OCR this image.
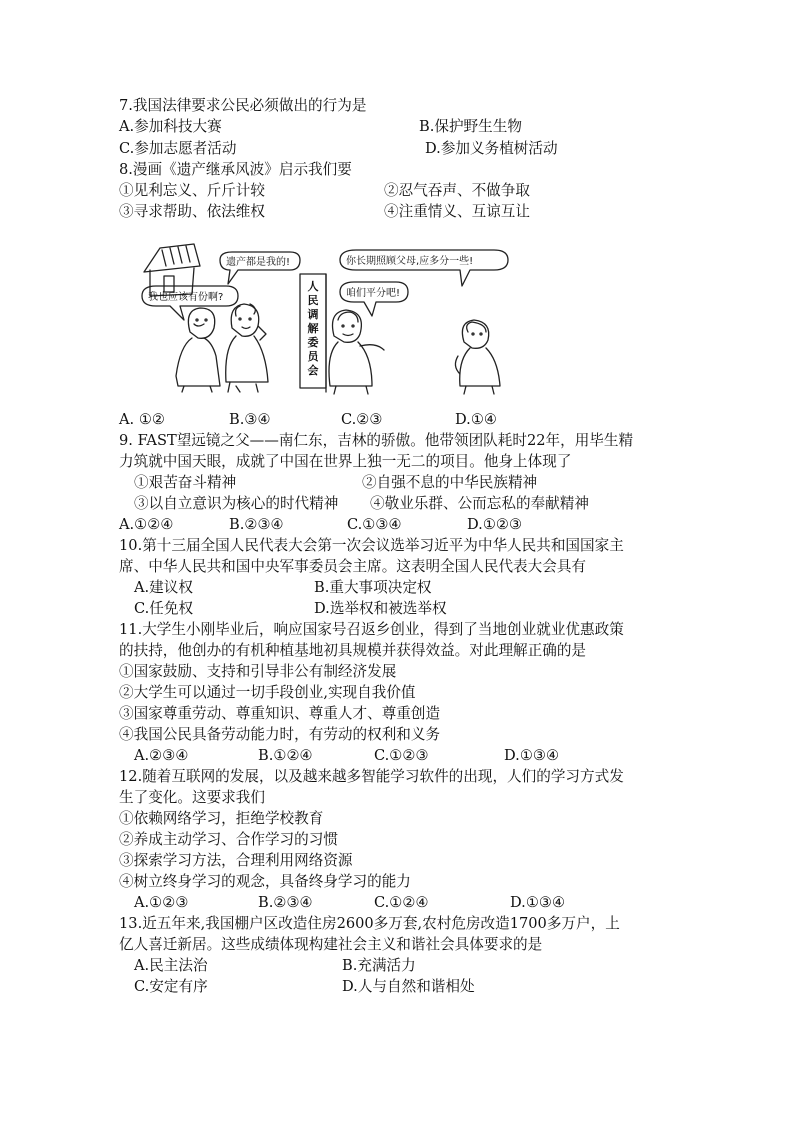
7.我国法律要求公民必须做出的行为是
A.参加科技大赛	B.保护野生生物
C.参加志愿者活动	D.参加义务植树活动
8.漫画《遗产继承风波》启示我们要
①见利忘义、斤斤计较	②忍气吞声、不做争取
③寻求帮助、依法维权	④注重情义、互谅互让
遗产都是我的!
我也应该有份啊?
你长期照顾父母,应多分一些!
咱们平分吧!
人民调解委员会
A. ①②	B.③④	C.②③	D.①④
9. FAST望远镜之父——南仁东，吉林的骄傲。他带领团队耗时22年，用毕生精
力筑就中国天眼，成就了中国在世界上独一无二的项目。他身上体现了
①艰苦奋斗精神	②自强不息的中华民族精神
③以自立意识为核心的时代精神 ④敬业乐群、公而忘私的奉献精神
A.①②④	B.②③④	C.①③④	D.①②③
10.第十三届全国人民代表大会第一次会议选举习近平为中华人民共和国国家主
席、中华人民共和国中央军事委员会主席。这表明全国人民代表大会具有
A.建议权	B.重大事项决定权
C.任免权	D.选举权和被选举权
11.大学生小刚毕业后，响应国家号召返乡创业，得到了当地创业就业优惠政策
的扶持，他创办的有机种植基地初具规模并获得效益。对此理解正确的是
①国家鼓励、支持和引导非公有制经济发展
②大学生可以通过一切手段创业,实现自我价值
③国家尊重劳动、尊重知识、尊重人才、尊重创造
④我国公民具备劳动能力时，有劳动的权利和义务
A.②③④	B.①②④	C.①②③	D.①③④
12.随着互联网的发展，以及越来越多智能学习软件的出现，人们的学习方式发
生了变化。这要求我们
①依赖网络学习，拒绝学校教育
②养成主动学习、合作学习的习惯
③探索学习方法，合理利用网络资源
④树立终身学习的观念，具备终身学习的能力
A.①②③	B.②③④	C.①②④	D.①③④
13.近五年来,我国棚户区改造住房2600多万套,农村危房改造1700多万户，上
亿人喜迁新居。这些成绩体现构建社会主义和谐社会具体要求的是
A.民主法治	B.充满活力
C.安定有序	D.人与自然和谐相处
